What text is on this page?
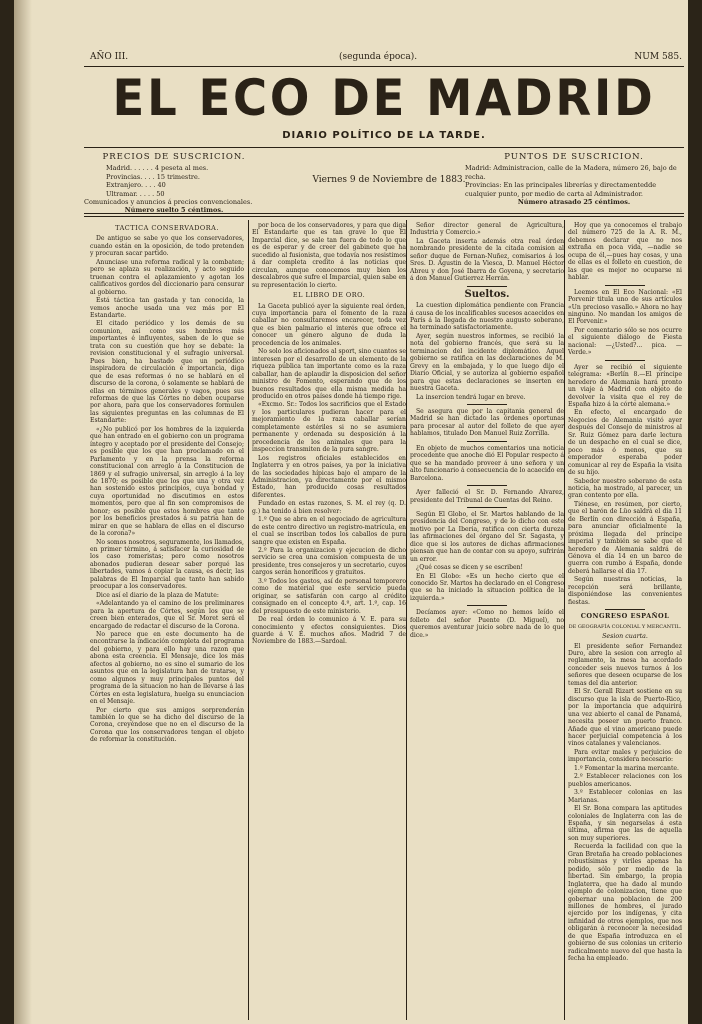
AÑO III.	(segunda época).	NUM 585.
EL ECO DE MADRID
DIARIO POLÍTICO DE LA TARDE.
PRECIOS DE SUSCRICION.
Madrid. . . . . . 4 peseta al mes.
Provincias. . . . 15 trimestre.
Extranjero. . . . 40
Ultramar. . . . . 50
Comunicados y anuncios á precios convencionales.
Número suelto 5 céntimos.
Viernes 9 de Noviembre de 1883.
PUNTOS DE SUSCRICION.
Madrid: Administracion, calle de la Madera, número 26, bajo de recha.
Provincias: En las principales librerías y directamentedde cualquier punto, por medio de carta al Administrador.
Número atrasado 25 céntimos.
TACTICA CONSERVADORA.

De antiguo se sabe yo que los conservadores, cuando están en la oposición, de todo pretenden y procuran sacar partido.

Anunciase una reforma radical y la combaten; pero se aplaza su realización, y acto seguido truenan contra el aplazamiento y agotan los calificativos gordos del diccionario para censurar al gobierno.

Está táctica tan gastada y tan conocida, la vemos anoche usada una vez más por El Estandarte.

El citado periódico y los demás de su comunion, así como sus hombres más importantes é influyentes, saben de lo que se trata con su cuestión que hoy se debate: la revision constitucional y el sufragio universal. Pues bien, ha bastado que un periódico inspiradora de circulación é importancia, diga que de esas reformas ó no se hablará en el discurso de la corona, ó solamente se hablará de ellas en términos generales y vagos, pues sus reformas de que las Córtes no deben ocuparse por ahora, para que los conservadores formulen las siguientes preguntas en las columnas de El Estandarte:

«¿No publicó por los hombres de la izquierda que han entrado en el gobierno con un programa íntegro y aceptado por el presidente del Consejo; es posible que los que han proclamado en el Parlamento y en la prensa la reforma constitucional con arreglo á la Constitucion de 1869 y el sufragio universal, sin arreglo á la ley de 1870; es posible que los que una y otra vez han sostenido estos principios, cuya bondad y cuya oportunidad no discutimos en estos momentos, pero que al fin son compromisos de honor; es posible que estos hombres que tanto por los beneficios prestados á su patria han de mirar en que se hablara de ellas en el discurso de la corona?»

No somos nosotros, seguramente, los llamados, en primer término, á satisfacer la curiosidad de los caso romeristas; pero como nosotros abonados pudieran desear saber porqué las libertades, vamos á copiar la causa, es decir, las palabras de El Imparcial que tanto han sabido preocupar a los conservadores.

Dice así el diario de la plaza de Matute:

«Adelantando ya el camino de los preliminares para la apertura de Córtes, según los que se creen bien enterados, que el Sr. Moret será el encargado de redactar el discurso de la Corona.

No parece que en este documento ha de encontrarse la indicación completa del programa del gobierno, y para ello hay una razon que abona esta creencia. El Mensaje, dice los más afectos al gobierno, no es sino el sumario de los asuntos que en la legislatura han de tratarse, y como algunos y muy principales puntos del programa de la situacion no han de llevarse á las Córtes en esta legislatura, huelga su enunciacion en el Mensaje.

Por cierto que sus amigos sorprenderán también lo que se ha dicho del discurso de la Corona, creyéndose que no en el discurso de la Corona que los conservadores tengan el objeto de reformar la constitución.

por boca de los conservadores, y para que diga El Estandarte que es tan grave lo que El Imparcial dice, se sale tan fuera de todo lo que es de esperar y de creer del gabinete que ha sucedido al fusionista, que todavía nos resistimos á dar completa credito á las noticias que circulan, aunque conocemos muy bien los descalabros que sufre el Imparcial, quien sabe en su representación lo cierto.

EL LIBRO DE ORO.

La Gaceta publicó ayer la siguiente real órden, cuya importancia para el fomento de la raza caballar no consultaremos encarecer, toda vez que es bien palmario el interés que ofrece el conocer un género alguno de duda la procedencia de los animales.

No solo los aficionados al sport, sino cuantos se interesen por el desarrollo de un elemento de la riqueza pública tan importante como es la raza caballar, han de aplaudir la disposicion del señor ministro de Fomento, esperando que de los buenos resultados que ella misma medida ha producido en otros países donde há tiempo rige.

«Excmo. Sr.: Todos los sacrificios que el Estado y los particulares pudieran hacer para el mejoramiento de la raza caballar serían completamente estériles si no se asumiera permanente y ordenada su desposición á la procedencia de los animales que para la inspeccion transmiten de la pura sangre.

Los registros oficiales establecidos en Inglaterra y en otros países, ya por la iniciativa de las sociedades hípicas bajo el amparo de la Administracion, ya directamente por el mismo Estado, han producido cosas resultados diferentes.

Fundado en estas razones, S. M. el rey (q. D. g.) ha tenido á bien resolver:

1.º Que se abra en el negociado de agricultura de este centro directivo un registro-matrícula, en el cual se inscriban todos los caballos de pura sangre que existen en España.

2.º Para la organizacion y ejecucion de dicho servicio se crea una comision compuesta de un presidente, tres consejeros y un secretario, cuyos cargos serán honoríficos y gratuitos.

3.º Todos los gastos, así de personal temporero como de material que este servicio pueda originar, se satisfarán con cargo al crédito consignado en el concepto 4.º, art. 1.º, cap. 16 del presupuesto de este ministerio.

De real órden lo comunico á V. E. para su conocimiento y efectos consiguientes. Dios guarde á V. E. muchos años. Madrid 7 de Noviembre de 1883.—Sardoal.

Señor director general de Agricultura, Industria y Comercio.»

La Gaceta inserta además otra real órden nombrando presidente de la citada comision al señor duque de Fernan-Nuñez, comisarios á los Sres. D. Agustin de la Viesca, D. Manuel Héctor Abreu y don José Ibarra de Goyena, y secretario á don Manuel Gutierrez Herrán.

Sueltos.

La cuestion diplomática pendiente con Francia á causa de los incalificables sucesos acaecidos en París á la llegada de nuestro augusto soberano, ha terminado satisfactoriamente.

Ayer, según nuestros informes, se recibió la nota del gobierno francés, que será su la terminacion del incidente diplomático. Aquel gobierno se ratifica en las declaraciones de M. Grevy en la embajada, y lo que luego dijo el Diario Oficial, y se autoriza al gobierno español para que estas declaraciones se inserten en nuestra Gaceta.

La insercion tendrá lugar en breve.

Se asegura que por la capitania general de Madrid se han dictado las órdenes oportunas para procesar al autor del folleto de que ayer hablamos, titulado Don Manuel Ruiz Zorrilla.

En objeto de muchos comentarios una noticia procedente que anoche dió El Popular respecto á que se ha mandado proveer á uno señora y un alto funcionario á consecuencia de lo acaecido en Barcelona.

Ayer falleció el Sr. D. Fernando Alvarez, presidente del Tribunal de Cuentas del Reino.

Según El Globo, el Sr. Martos hablando de la presidencia del Congreso, y de lo dicho con este motivo por La Iberia, ratifica con cierta dureza las afirmaciones del órgano del Sr. Sagasta, y dice que si los autores de dichas afirmaciones piensan que han de contar con su apoyo, sufrirán un error.

¿Qué cosas se dicen y se escriben!

En El Globo: «Es un hecho cierto que el conocido Sr. Martos ha declarado en el Congreso que se ha iniciado la situacion política de la izquierda.»

Decíamos ayer: «Como no hemos leído el folleto del señor Puente (D. Miguel), no queremos aventurar juicio sobre nada de lo que dice.»

Hoy que ya conocemos el trabajo del número 725 de la A. R. M., debemos declarar que no nos extraña en poca vida, —nadie se ocupa de él,—pues hay cosas, y una de ellas es el folleto en cuestion, de las que es mejor no ocuparse ni hablar.

Leemos en El Eco Nacional: «El Porvenir titula uno de sus artículos «Un precioso vasallo.» Ahora no hay ninguno. No mandan los amigos de El Porvenir.»

Por comentario sólo se nos ocurre el siguiente diálogo de Fiesta nacional: —¿Usted?... pica. —Verde.»

Ayer se recibió el siguiente telegrama: «Berlín 8.—El príncipe heredero de Alemania hará pronto un viaje á Madrid con objeto de devolver la visita que el rey de España hizo á la córte alemana.»

En efecto, el encargado de Negocios de Alemania visitó ayer después del Consejo de ministros al Sr. Ruiz Gómez para darle lectura de un despacho en el cual se dice, poco más ó menos, que su emperador esperaba poder comunicar al rey de España la visita de su hijo.

Sabedor nuestro soberano de esta noticia, ha mostrado, al parecer, un gran contento por ella.

Tiénese, en resúmen, por cierto, que el barón de Lüo saldrá el dia 11 de Berlín con dirección á España, para anunciar oficialmente la próxima llegada del príncipe imperial y también se sabe que el heredero de Alemania saldrá de Génova el día 14 en un barco de guerra con rumbo á España, donde deberá hallarse el dia 17.

Según nuestras noticias, la recepción será brillante, disponiéndose las convenientes fiestas.

CONGRESO ESPAÑOL
DE GEOGRAFÍA COLONIAL Y MERCANTIL.
Sesion cuarta.

El presidente señor Fernandez Duro, abre la sesion con arreglo al reglamento, la mesa ha acordado conceder seis nuevos turnos á los señores que deseen ocuparse de los temas del dia anterior.

El Sr. Gerall Rizart sostiene en su discurso que la isla de Puerto-Rico, por la importancia que adquirirá una vez abierto el canal de Panamá, necesita poseer un puerto franco. Añade que el vino americano puede hacer perjuicial competencia á los vinos catalanes y valencianos.

Para evitar males y perjuicios de importancia, considera necesario:

1.º Fomentar la marina mercante.

2.º Establecer relaciones con los pueblos americanos.

3.º Establecer colonias en las Marianas.

El Sr. Bona compara las aptitudes coloniales de Inglaterra con las de España, y sin negarselas á esta última, afirma que las de aquella son muy superiores.

Recuerda la facilidad con que la Gran Bretaña ha creado poblaciones robustísimas y viriles apenas ha podido, sólo por medio de la libertad. Sin embargo, la propia Inglaterra, que ha dado al mundo ejemplo de colonizacion, tiene que gobernar una poblacion de 200 millones de hombres, el jurado ejercido por los indígenas, y cita infinidad de otros ejemplos, que nos obligarán á reconocer la necesidad de que España introduzca en el gobierno de sus colonias un criterio radicalmente nuevo del que hasta la fecha ha empleado.
